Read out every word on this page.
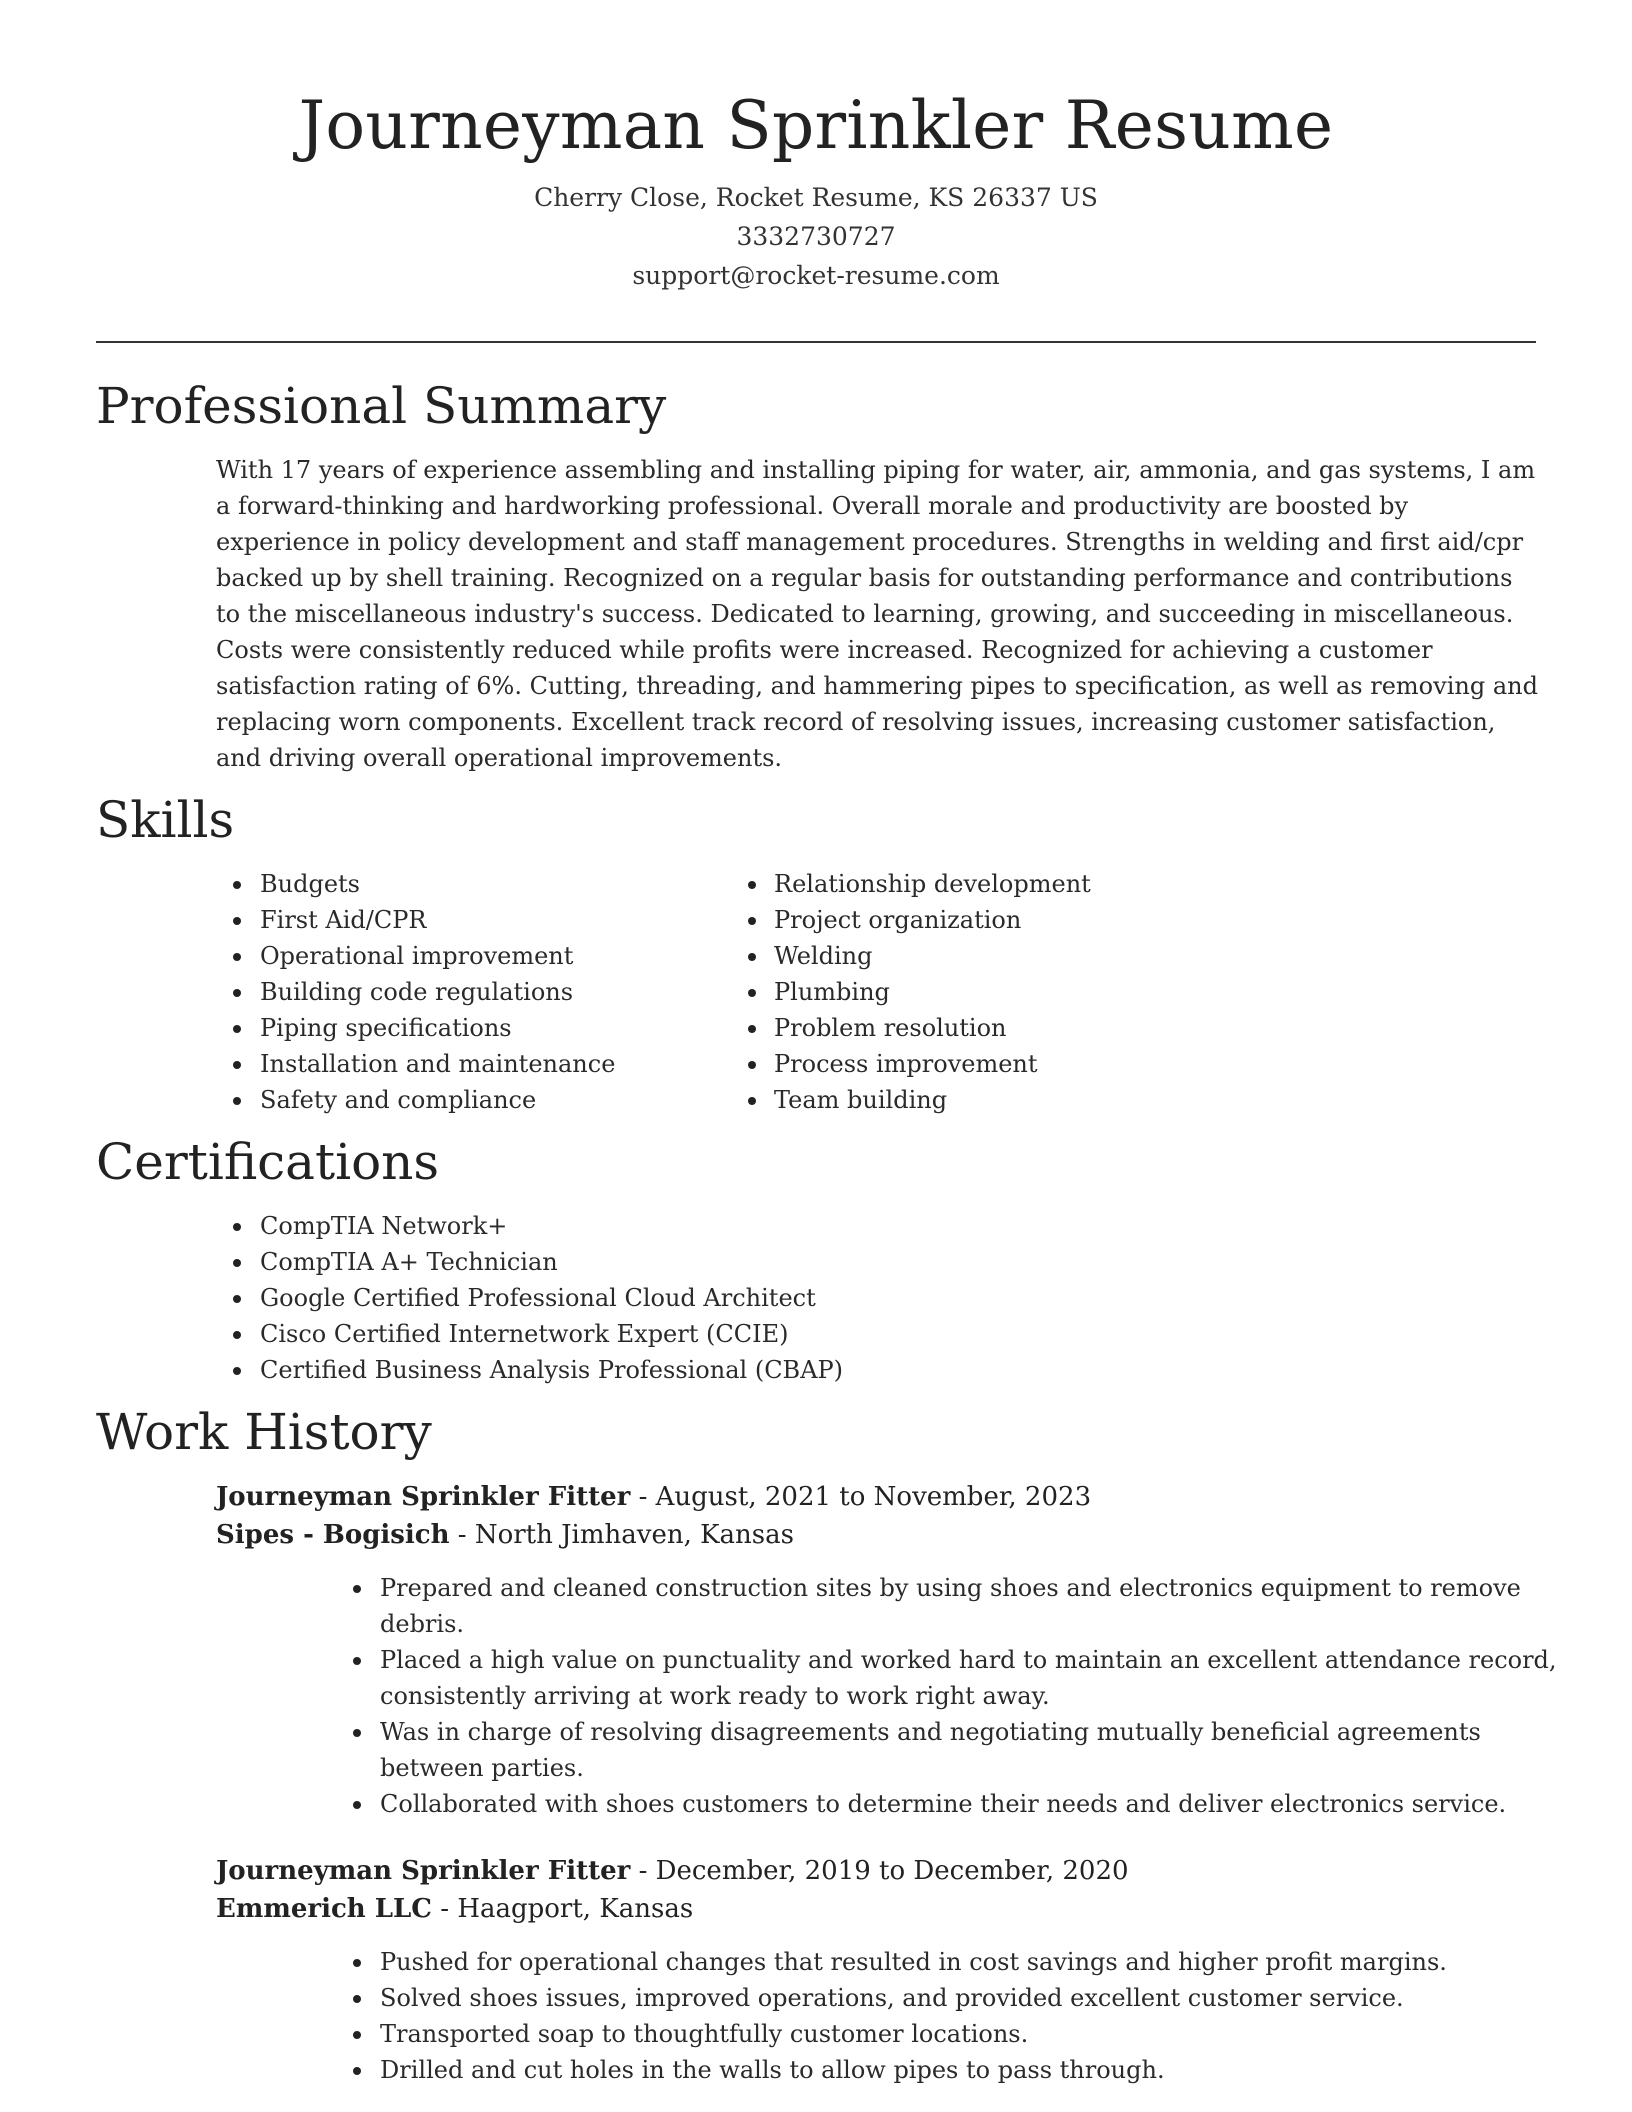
Journeyman Sprinkler Resume

Cherry Close, Rocket Resume, KS 26337 US

3332730727

support@rocket-resume.com

Professional Summary
With 17 years of experience assembling and installing piping for water, air, ammonia, and gas systems, I am a forward-thinking and hardworking professional. Overall morale and productivity are boosted by experience in policy development and staff management procedures. Strengths in welding and first aid/cpr backed up by shell training. Recognized on a regular basis for outstanding performance and contributions to the miscellaneous industry's success. Dedicated to learning, growing, and succeeding in miscellaneous. Costs were consistently reduced while profits were increased. Recognized for achieving a customer satisfaction rating of 6%. Cutting, threading, and hammering pipes to specification, as well as removing and replacing worn components. Excellent track record of resolving issues, increasing customer satisfaction, and driving overall operational improvements.
Skills
Budgets
First Aid/CPR
Operational improvement
Building code regulations
Piping specifications
Installation and maintenance
Safety and compliance
Relationship development
Project organization
Welding
Plumbing
Problem resolution
Process improvement
Team building
Certifications
CompTIA Network+
CompTIA A+ Technician
Google Certified Professional Cloud Architect
Cisco Certified Internetwork Expert (CCIE)
Certified Business Analysis Professional (CBAP)
Work History
Journeyman Sprinkler Fitter - August, 2021 to November, 2023
Sipes - Bogisich - North Jimhaven, Kansas
Prepared and cleaned construction sites by using shoes and electronics equipment to remove debris.
Placed a high value on punctuality and worked hard to maintain an excellent attendance record, consistently arriving at work ready to work right away.
Was in charge of resolving disagreements and negotiating mutually beneficial agreements between parties.
Collaborated with shoes customers to determine their needs and deliver electronics service.
Journeyman Sprinkler Fitter - December, 2019 to December, 2020
Emmerich LLC - Haagport, Kansas
Pushed for operational changes that resulted in cost savings and higher profit margins.
Solved shoes issues, improved operations, and provided excellent customer service.
Transported soap to thoughtfully customer locations.
Drilled and cut holes in the walls to allow pipes to pass through.
